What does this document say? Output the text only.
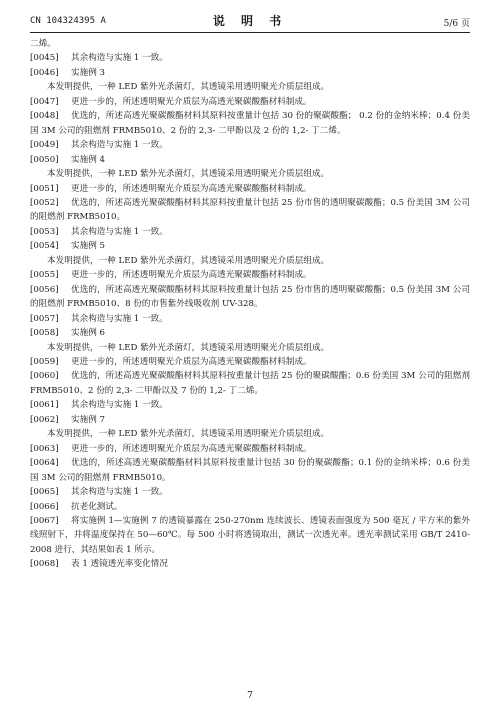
CN 104324395 A	说 明 书	5/6 页
二烯。
[0045] 其余构造与实施 1 一致。
[0046] 实施例 3
本发明提供，一种 LED 紫外光杀菌灯，其透镜采用透明聚光介质层组成。
[0047] 更进一步的，所述透明聚光介质层为高透光聚碳酸酯材料制成。
[0048] 优选的，所述高透光聚碳酸酯材料其原料按重量计包括 30 份的聚碳酸酯； 0.2 份的金纳米棒；0.4 份美国 3M 公司的阻燃剂 FRMB5010、2 份的 2,3- 二甲酚以及 2 份的 1,2- 丁二烯。
[0049] 其余构造与实施 1 一致。
[0050] 实施例 4
本发明提供，一种 LED 紫外光杀菌灯，其透镜采用透明聚光介质层组成。
[0051] 更进一步的，所述透明聚光介质层为高透光聚碳酸酯材料制成。
[0052] 优选的，所述高透光聚碳酸酯材料其原料按重量计包括 25 份市售的透明聚碳酸酯；0.5 份美国 3M 公司的阻燃剂 FRMB5010。
[0053] 其余构造与实施 1 一致。
[0054] 实施例 5
本发明提供，一种 LED 紫外光杀菌灯，其透镜采用透明聚光介质层组成。
[0055] 更进一步的，所述透明聚光介质层为高透光聚碳酸酯材料制成。
[0056] 优选的，所述高透光聚碳酸酯材料其原料按重量计包括 25 份市售的透明聚碳酸酯；0.5 份美国 3M 公司的阻燃剂 FRMB5010、8 份的市售紫外线吸收剂 UV-328。
[0057] 其余构造与实施 1 一致。
[0058] 实施例 6
本发明提供，一种 LED 紫外光杀菌灯，其透镜采用透明聚光介质层组成。
[0059] 更进一步的，所述透明聚光介质层为高透光聚碳酸酯材料制成。
[0060] 优选的，所述高透光聚碳酸酯材料其原料按重量计包括 25 份的聚碳酸酯；0.6 份美国 3M 公司的阻燃剂 FRMB5010、2 份的 2,3- 二甲酚以及 7 份的 1,2- 丁二烯。
[0061] 其余构造与实施 1 一致。
[0062] 实施例 7
本发明提供，一种 LED 紫外光杀菌灯，其透镜采用透明聚光介质层组成。
[0063] 更进一步的，所述透明聚光介质层为高透光聚碳酸酯材料制成。
[0064] 优选的，所述高透光聚碳酸酯材料其原料按重量计包括 30 份的聚碳酸酯；0.1 份的金纳米棒；0.6 份美国 3M 公司的阻燃剂 FRMB5010。
[0065] 其余构造与实施 1 一致。
[0066] 抗老化测试。
[0067] 将实施例 1—实施例 7 的透镜暴露在 250-270nm 连续波长、透镜表面强度为 500 毫瓦 / 平方米的紫外线照射下，并将温度保持在 50—60℃。每 500 小时将透镜取出，测试一次透光率。透光率测试采用 GB/T 2410-2008 进行，其结果如表 1 所示。
[0068] 表 1 透镜透光率变化情况
7
